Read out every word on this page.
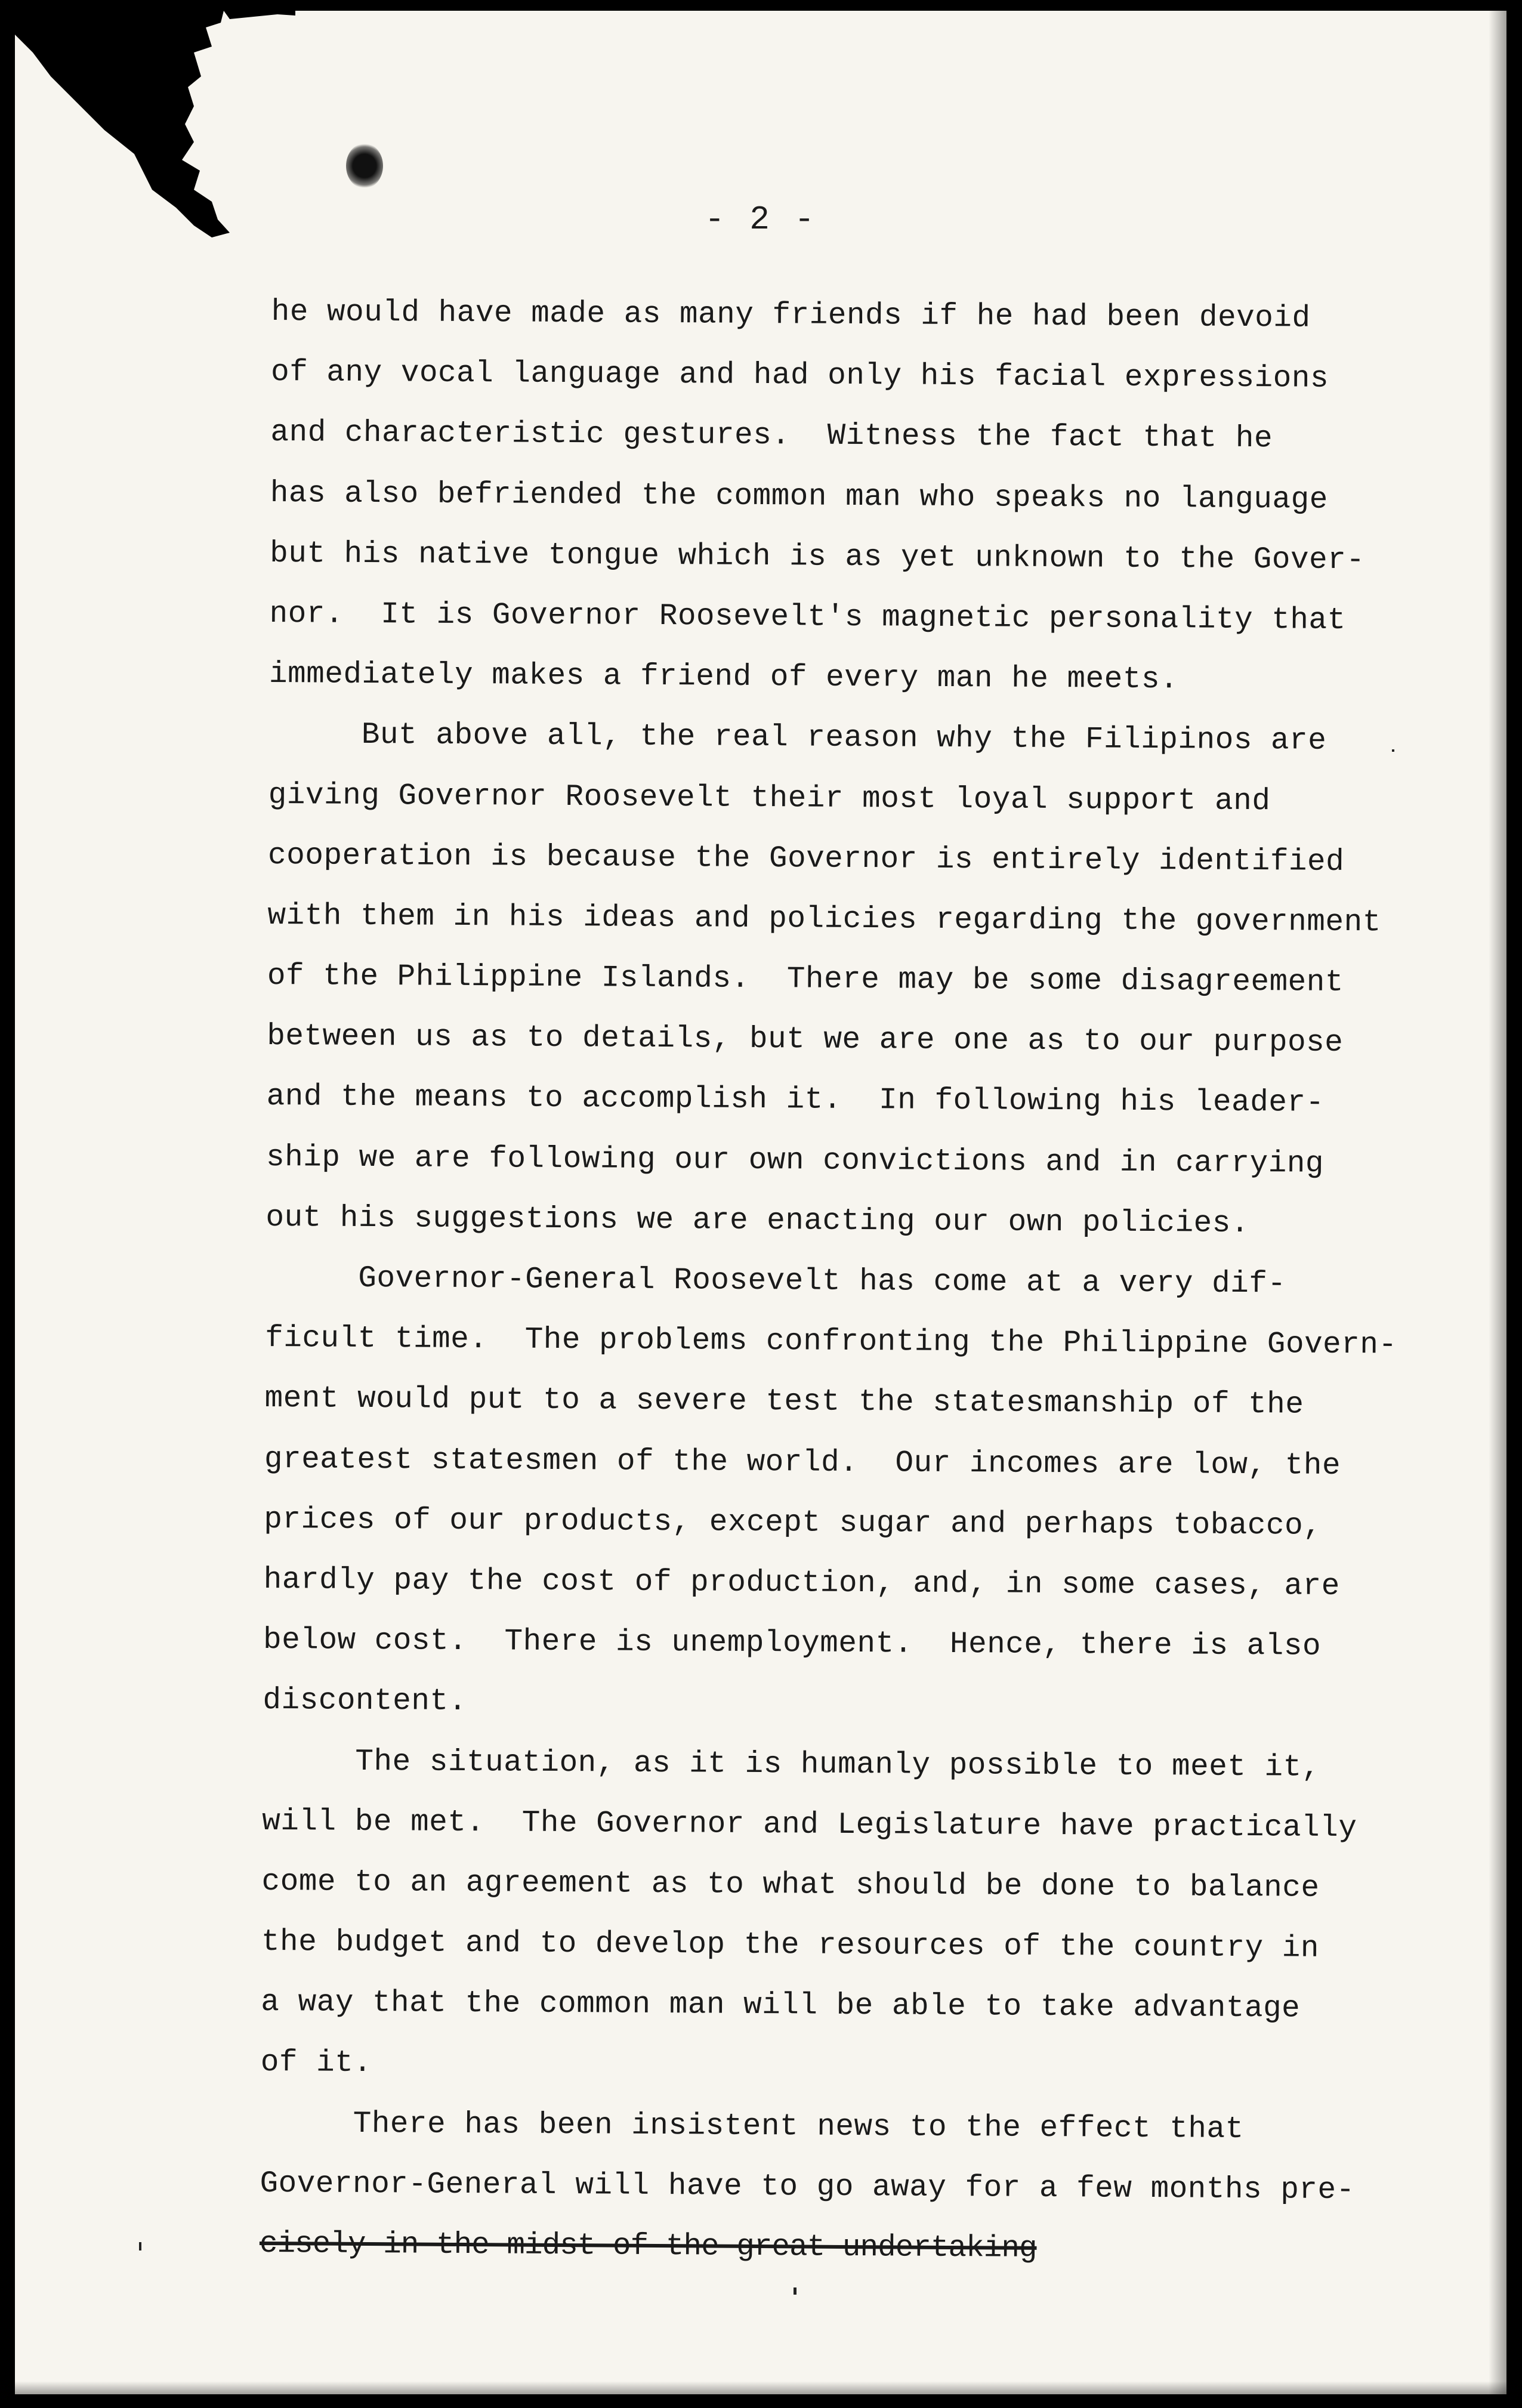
- 2 -
he would have made as many friends if he had been devoid
of any vocal language and had only his facial expressions
and characteristic gestures.  Witness the fact that he
has also befriended the common man who speaks no language
but his native tongue which is as yet unknown to the Gover-
nor.  It is Governor Roosevelt's magnetic personality that
immediately makes a friend of every man he meets.
But above all, the real reason why the Filipinos are
giving Governor Roosevelt their most loyal support and
cooperation is because the Governor is entirely identified
with them in his ideas and policies regarding the government
of the Philippine Islands.  There may be some disagreement
between us as to details, but we are one as to our purpose
and the means to accomplish it.  In following his leader-
ship we are following our own convictions and in carrying
out his suggestions we are enacting our own policies.
Governor-General Roosevelt has come at a very dif-
ficult time.  The problems confronting the Philippine Govern-
ment would put to a severe test the statesmanship of the
greatest statesmen of the world.  Our incomes are low, the
prices of our products, except sugar and perhaps tobacco,
hardly pay the cost of production, and, in some cases, are
below cost.  There is unemployment.  Hence, there is also
discontent.
The situation, as it is humanly possible to meet it,
will be met.  The Governor and Legislature have practically
come to an agreement as to what should be done to balance
the budget and to develop the resources of the country in
a way that the common man will be able to take advantage
of it.
There has been insistent news to the effect that
Governor-General will have to go away for a few months pre-
cisely in the midst of the great undertaking
